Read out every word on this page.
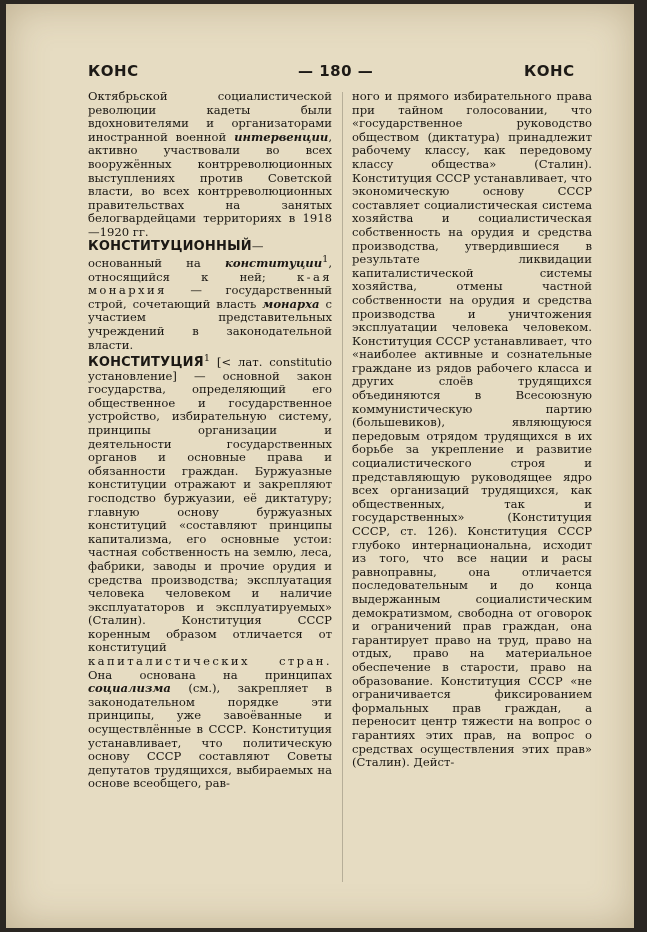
КОНС	— 180 —	КОНС

Октябрьской социалистической революции кадеты были вдохновителями и организаторами иностранной военной интервенции, активно участвовали во всех вооружённых контрреволюционных выступлениях против Советской власти, во всех контрреволюционных правительствах на занятых белогвардейцами территориях в 1918—1920 гг.

КОНСТИТУЦИОННЫЙ—основанный на конституции$^1$, относящийся к ней;	к-ая монархия — государственный строй, сочетающий власть монарха с участием представительных учреждений в законодательной власти.

КОНСТИТУЦИЯ$^1$ [< лат. constitutio установление] — основной закон государства, определяющий его общественное и государственное устройство, избирательную систему, принципы организации и деятельности государственных органов и основные права и обязанности граждан. Буржуазные конституции отражают и закрепляют господство буржуазии, её диктатуру; главную основу буржуазных конституций «составляют принципы капитализма, его основные устои: частная собственность на землю, леса, фабрики, заводы и прочие орудия и средства производства; эксплуатация человека человеком и наличие эксплуататоров и эксплуатируемых» (Сталин). Конституция СССР коренным образом отличается от конституций капиталистических стран. Она основана на принципах социализма (см.), закрепляет в законодательном порядке эти принципы, уже завоёванные и осуществлённые в СССР. Конституция устанавливает, что политическую основу СССР составляют Советы депутатов трудящихся, выбираемых на основе всеобщего, рав-

ного и прямого избирательного права при тайном голосовании, что «государственное руководство обществом (диктатура) принадлежит рабочему классу, как передовому классу общества» (Сталин). Конституция СССР устанавливает, что экономическую основу СССР составляет социалистическая система хозяйства и социалистическая собственность на орудия и средства производства, утвердившиеся в результате ликвидации капиталистической системы хозяйства, отмены частной собственности на орудия и средства производства и уничтожения эксплуатации человека человеком. Конституция СССР устанавливает, что «наиболее активные и сознательные граждане из рядов рабочего класса и других слоёв трудящихся объединяются в Всесоюзную коммунистическую партию (большевиков), являющуюся передовым отрядом трудящихся в их борьбе за укрепление и развитие социалистического строя и представляющую руководящее ядро всех организаций трудящихся, как общественных, так и государственных» (Конституция СССР, ст. 126). Конституция СССР глубоко интернациональна, исходит из того, что все нации и расы равноправны, она отличается последовательным и до конца выдержанным социалистическим демократизмом, свободна от оговорок и ограничений прав граждан, она гарантирует право на труд, право на отдых, право на материальное обеспечение в старости, право на образование. Конституция СССР «не ограничивается фиксированием формальных прав граждан, а переносит центр тяжести на вопрос о гарантиях этих прав, на вопрос о средствах осуществления этих прав» (Сталин). Дейст-
